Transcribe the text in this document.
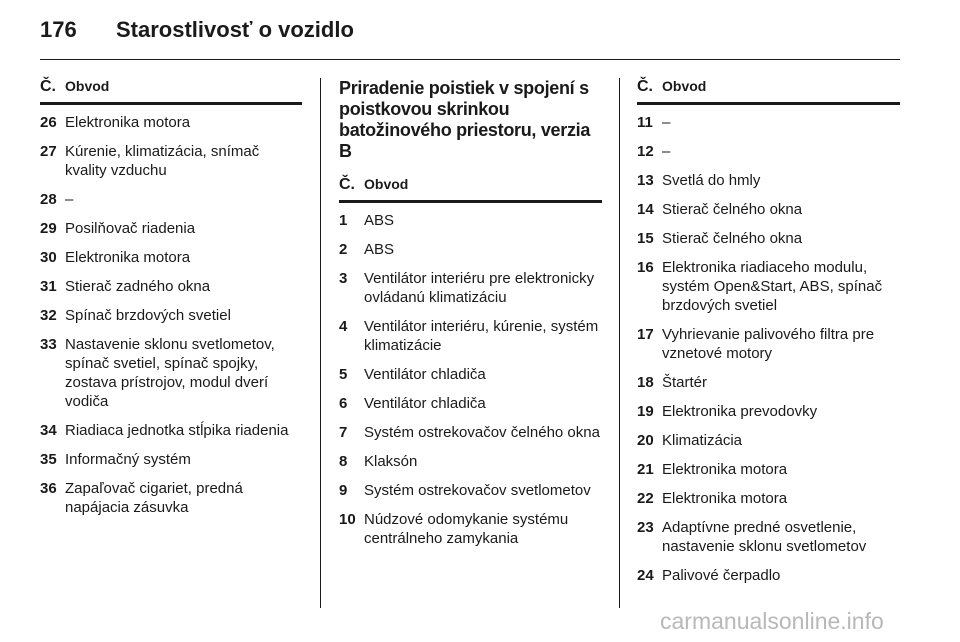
176	Starostlivosť o vozidlo
Č. Obvod
26 Elektronika motora
27 Kúrenie, klimatizácia, snímač kvality vzduchu
28 –
29 Posilňovač riadenia
30 Elektronika motora
31 Stierač zadného okna
32 Spínač brzdových svetiel
33 Nastavenie sklonu svetlometov, spínač svetiel, spínač spojky, zostava prístrojov, modul dverí vodiča
34 Riadiaca jednotka stĺpika riadenia
35 Informačný systém
36 Zapaľovač cigariet, predná napájacia zásuvka
Priradenie poistiek v spojení s poistkovou skrinkou batožinového priestoru, verzia B
Č. Obvod
1	ABS
2	ABS
3	Ventilátor interiéru pre elektronicky ovládanú klimatizáciu
4	Ventilátor interiéru, kúrenie, systém klimatizácie
5	Ventilátor chladiča
6	Ventilátor chladiča
7	Systém ostrekovačov čelného okna
8	Klaksón
9	Systém ostrekovačov svetlometov
10 Núdzové odomykanie systému centrálneho zamykania
Č. Obvod
11 –
12 –
13 Svetlá do hmly
14 Stierač čelného okna
15 Stierač čelného okna
16 Elektronika riadiaceho modulu, systém Open&Start, ABS, spínač brzdových svetiel
17 Vyhrievanie palivového filtra pre vznetové motory
18 Štartér
19 Elektronika prevodovky
20 Klimatizácia
21 Elektronika motora
22 Elektronika motora
23 Adaptívne predné osvetlenie, nastavenie sklonu svetlometov
24 Palivové čerpadlo
carmanualsonline.info
